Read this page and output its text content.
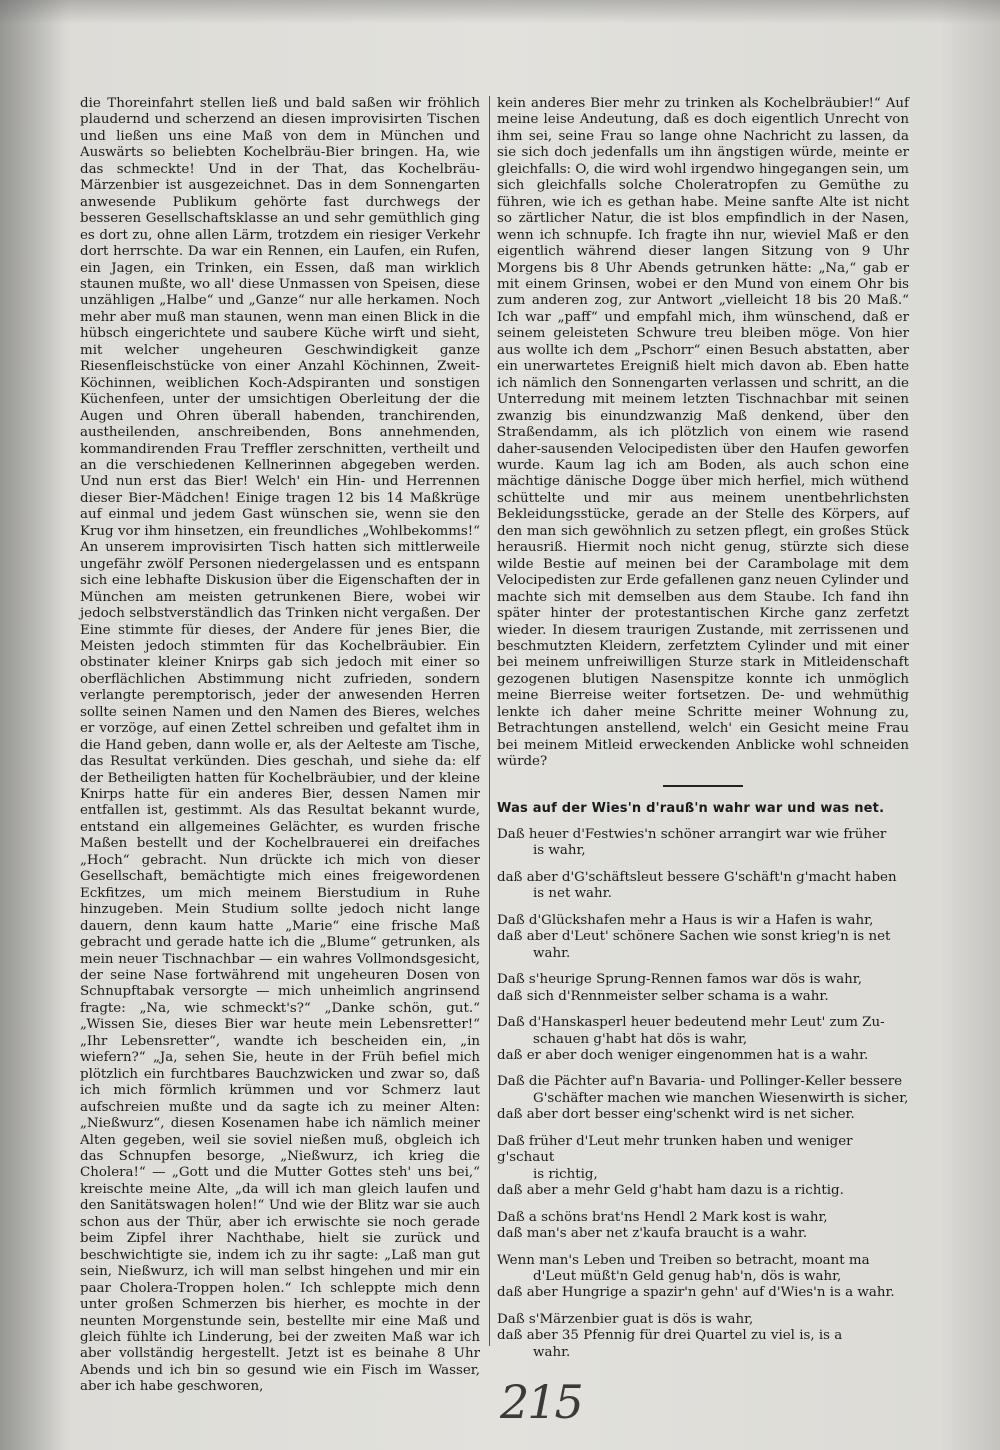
die Thoreinfahrt stellen ließ und bald saßen wir fröhlich plaudernd und scherzend an diesen improvisirten Tischen und ließen uns eine Maß von dem in München und Auswärts so beliebten Kochelbräu-Bier bringen. Ha, wie das schmeckte! Und in der That, das Kochelbräu-Märzenbier ist ausgezeichnet. Das in dem Sonnengarten anwesende Publikum gehörte fast durchwegs der besseren Gesellschaftsklasse an und sehr gemüthlich ging es dort zu, ohne allen Lärm, trotzdem ein riesiger Verkehr dort herrschte. Da war ein Rennen, ein Laufen, ein Rufen, ein Jagen, ein Trinken, ein Essen, daß man wirklich staunen mußte, wo all' diese Unmassen von Speisen, diese unzähligen „Halbe“ und „Ganze“ nur alle herkamen. Noch mehr aber muß man staunen, wenn man einen Blick in die hübsch eingerichtete und saubere Küche wirft und sieht, mit welcher ungeheuren Geschwindigkeit ganze Riesenfleischstücke von einer Anzahl Köchinnen, Zweit-Köchinnen, weiblichen Koch-Adspiranten und sonstigen Küchenfeen, unter der umsichtigen Oberleitung der die Augen und Ohren überall habenden, tranchirenden, austheilenden, anschreibenden, Bons annehmenden, kommandirenden Frau Treffler zerschnitten, vertheilt und an die verschiedenen Kellnerinnen abgegeben werden. Und nun erst das Bier! Welch' ein Hin- und Herrennen dieser Bier-Mädchen! Einige tragen 12 bis 14 Maßkrüge auf einmal und jedem Gast wünschen sie, wenn sie den Krug vor ihm hinsetzen, ein freundliches „Wohlbekomms!“ An unserem improvisirten Tisch hatten sich mittlerweile ungefähr zwölf Personen niedergelassen und es entspann sich eine lebhafte Diskusion über die Eigenschaften der in München am meisten getrunkenen Biere, wobei wir jedoch selbstverständlich das Trinken nicht vergaßen. Der Eine stimmte für dieses, der Andere für jenes Bier, die Meisten jedoch stimmten für das Kochelbräubier. Ein obstinater kleiner Knirps gab sich jedoch mit einer so oberflächlichen Abstimmung nicht zufrieden, sondern verlangte peremptorisch, jeder der anwesenden Herren sollte seinen Namen und den Namen des Bieres, welches er vorzöge, auf einen Zettel schreiben und gefaltet ihm in die Hand geben, dann wolle er, als der Aelteste am Tische, das Resultat verkünden. Dies geschah, und siehe da: elf der Betheiligten hatten für Kochelbräubier, und der kleine Knirps hatte für ein anderes Bier, dessen Namen mir entfallen ist, gestimmt. Als das Resultat bekannt wurde, entstand ein allgemeines Gelächter, es wurden frische Maßen bestellt und der Kochelbrauerei ein dreifaches „Hoch“ gebracht. Nun drückte ich mich von dieser Gesellschaft, bemächtigte mich eines freigewordenen Eckfitzes, um mich meinem Bierstudium in Ruhe hinzugeben. Mein Studium sollte jedoch nicht lange dauern, denn kaum hatte „Marie“ eine frische Maß gebracht und gerade hatte ich die „Blume“ getrunken, als mein neuer Tischnachbar — ein wahres Vollmondsgesicht, der seine Nase fortwährend mit ungeheuren Dosen von Schnupftabak versorgte — mich unheimlich angrinsend fragte: „Na, wie schmeckt's?“ „Danke schön, gut.“ „Wissen Sie, dieses Bier war heute mein Lebensretter!“ „Ihr Lebensretter“, wandte ich bescheiden ein, „in wiefern?“ „Ja, sehen Sie, heute in der Früh befiel mich plötzlich ein furchtbares Bauchzwicken und zwar so, daß ich mich förmlich krümmen und vor Schmerz laut aufschreien mußte und da sagte ich zu meiner Alten: „Nießwurz“, diesen Kosenamen habe ich nämlich meiner Alten gegeben, weil sie soviel nießen muß, obgleich ich das Schnupfen besorge, „Nießwurz, ich krieg die Cholera!“ — „Gott und die Mutter Gottes steh' uns bei,“ kreischte meine Alte, „da will ich man gleich laufen und den Sanitätswagen holen!“ Und wie der Blitz war sie auch schon aus der Thür, aber ich erwischte sie noch gerade beim Zipfel ihrer Nachthabe, hielt sie zurück und beschwichtigte sie, indem ich zu ihr sagte: „Laß man gut sein, Nießwurz, ich will man selbst hingehen und mir ein paar Cholera-Troppen holen.“ Ich schleppte mich denn unter großen Schmerzen bis hierher, es mochte in der neunten Morgenstunde sein, bestellte mir eine Maß und gleich fühlte ich Linderung, bei der zweiten Maß war ich aber vollständig hergestellt. Jetzt ist es beinahe 8 Uhr Abends und ich bin so gesund wie ein Fisch im Wasser, aber ich habe geschworen,

kein anderes Bier mehr zu trinken als Kochelbräubier!“ Auf meine leise Andeutung, daß es doch eigentlich Unrecht von ihm sei, seine Frau so lange ohne Nachricht zu lassen, da sie sich doch jedenfalls um ihn ängstigen würde, meinte er gleichfalls: O, die wird wohl irgendwo hingegangen sein, um sich gleichfalls solche Choleratropfen zu Gemüthe zu führen, wie ich es gethan habe. Meine sanfte Alte ist nicht so zärtlicher Natur, die ist blos empfindlich in der Nasen, wenn ich schnupfe. Ich fragte ihn nur, wieviel Maß er den eigentlich während dieser langen Sitzung von 9 Uhr Morgens bis 8 Uhr Abends getrunken hätte: „Na,“ gab er mit einem Grinsen, wobei er den Mund von einem Ohr bis zum anderen zog, zur Antwort „vielleicht 18 bis 20 Maß.“ Ich war „paff“ und empfahl mich, ihm wünschend, daß er seinem geleisteten Schwure treu bleiben möge. Von hier aus wollte ich dem „Pschorr“ einen Besuch abstatten, aber ein unerwartetes Ereigniß hielt mich davon ab. Eben hatte ich nämlich den Sonnengarten verlassen und schritt, an die Unterredung mit meinem letzten Tischnachbar mit seinen zwanzig bis einundzwanzig Maß denkend, über den Straßendamm, als ich plötzlich von einem wie rasend daher-sausenden Velocipedisten über den Haufen geworfen wurde. Kaum lag ich am Boden, als auch schon eine mächtige dänische Dogge über mich herfiel, mich wüthend schüttelte und mir aus meinem unentbehrlichsten Bekleidungsstücke, gerade an der Stelle des Körpers, auf den man sich gewöhnlich zu setzen pflegt, ein großes Stück herausriß. Hiermit noch nicht genug, stürzte sich diese wilde Bestie auf meinen bei der Carambolage mit dem Velocipedisten zur Erde gefallenen ganz neuen Cylinder und machte sich mit demselben aus dem Staube. Ich fand ihn später hinter der protestantischen Kirche ganz zerfetzt wieder. In diesem traurigen Zustande, mit zerrissenen und beschmutzten Kleidern, zerfetztem Cylinder und mit einer bei meinem unfreiwilligen Sturze stark in Mitleidenschaft gezogenen blutigen Nasenspitze konnte ich unmöglich meine Bierreise weiter fortsetzen. De- und wehmüthig lenkte ich daher meine Schritte meiner Wohnung zu, Betrachtungen anstellend, welch' ein Gesicht meine Frau bei meinem Mitleid erweckenden Anblicke wohl schneiden würde?

Was auf der Wies'n d'rauß'n wahr war und was net.
Daß heuer d'Festwies'n schöner arrangirt war wie früher
is wahr,
daß aber d'G'schäftsleut bessere G'schäft'n g'macht haben
is net wahr.
Daß d'Glückshafen mehr a Haus is wir a Hafen is wahr,
daß aber d'Leut' schönere Sachen wie sonst krieg'n is net
wahr.
Daß s'heurige Sprung-Rennen famos war dös is wahr,
daß sich d'Rennmeister selber schama is a wahr.
Daß d'Hanskasperl heuer bedeutend mehr Leut' zum Zu-
schauen g'habt hat dös is wahr,
daß er aber doch weniger eingenommen hat is a wahr.
Daß die Pächter auf'n Bavaria- und Pollinger-Keller bessere
G'schäfter machen wie manchen Wiesenwirth is sicher,
daß aber dort besser eing'schenkt wird is net sicher.
Daß früher d'Leut mehr trunken haben und weniger g'schaut
is richtig,
daß aber a mehr Geld g'habt ham dazu is a richtig.
Daß a schöns brat'ns Hendl 2 Mark kost is wahr,
daß man's aber net z'kaufa braucht is a wahr.
Wenn man's Leben und Treiben so betracht, moant ma
d'Leut müßt'n Geld genug hab'n, dös is wahr,
daß aber Hungrige a spazir'n gehn' auf d'Wies'n is a wahr.
Daß s'Märzenbier guat is dös is wahr,
daß aber 35 Pfennig für drei Quartel zu viel is, is a
wahr.
215
